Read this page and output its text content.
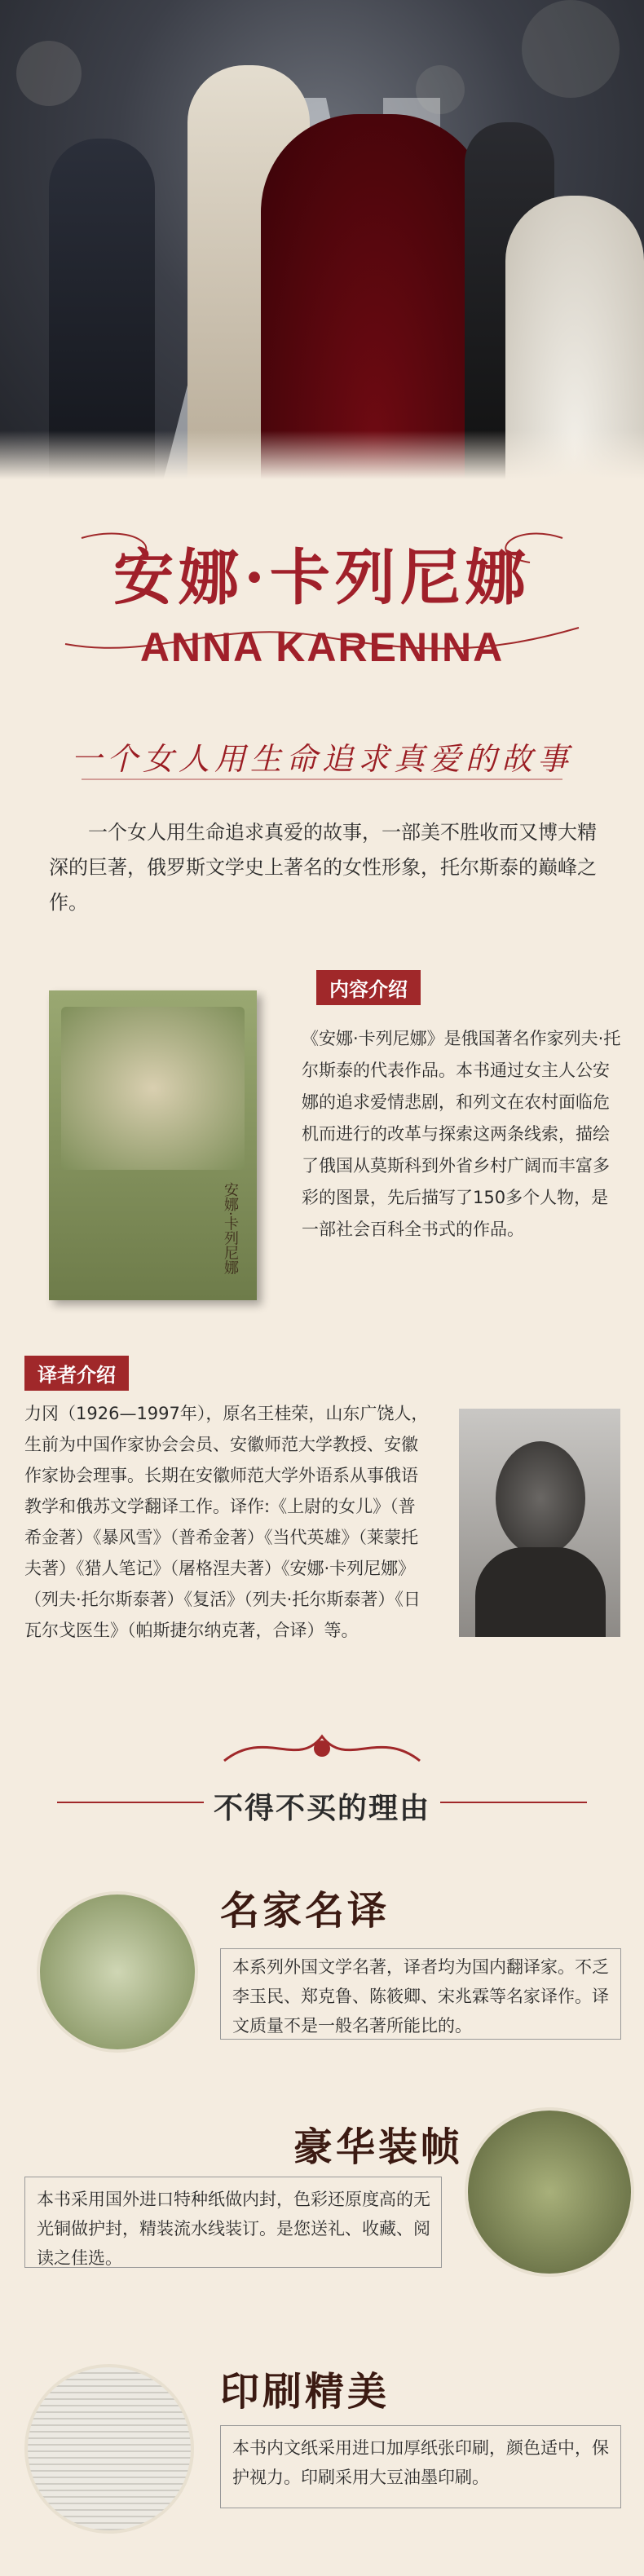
安娜·卡列尼娜
ANNA KARENINA
一个女人用生命追求真爱的故事
一个女人用生命追求真爱的故事，一部美不胜收而又博大精深的巨著，俄罗斯文学史上著名的女性形象，托尔斯泰的巅峰之作。
安娜·卡列尼娜
内容介绍
《安娜·卡列尼娜》是俄国著名作家列夫·托尔斯泰的代表作品。本书通过女主人公安娜的追求爱情悲剧，和列文在农村面临危机而进行的改革与探索这两条线索，描绘了俄国从莫斯科到外省乡村广阔而丰富多彩的图景，先后描写了150多个人物，是一部社会百科全书式的作品。
译者介绍
力冈（1926—1997年），原名王桂荣，山东广饶人，生前为中国作家协会会员、安徽师范大学教授、安徽作家协会理事。长期在安徽师范大学外语系从事俄语教学和俄苏文学翻译工作。译作:《上尉的女儿》（普希金著）《暴风雪》（普希金著）《当代英雄》（莱蒙托夫著）《猎人笔记》（屠格涅夫著）《安娜·卡列尼娜》（列夫·托尔斯泰著）《复活》（列夫·托尔斯泰著）《日瓦尔戈医生》（帕斯捷尔纳克著，合译）等。
不得不买的理由
名家名译
本系列外国文学名著，译者均为国内翻译家。不乏李玉民、郑克鲁、陈筱卿、宋兆霖等名家译作。译文质量不是一般名著所能比的。
豪华装帧
本书采用国外进口特种纸做内封，色彩还原度高的无光铜做护封，精装流水线装订。是您送礼、收藏、阅读之佳选。
印刷精美
本书内文纸采用进口加厚纸张印刷，颜色适中，保护视力。印刷采用大豆油墨印刷。
